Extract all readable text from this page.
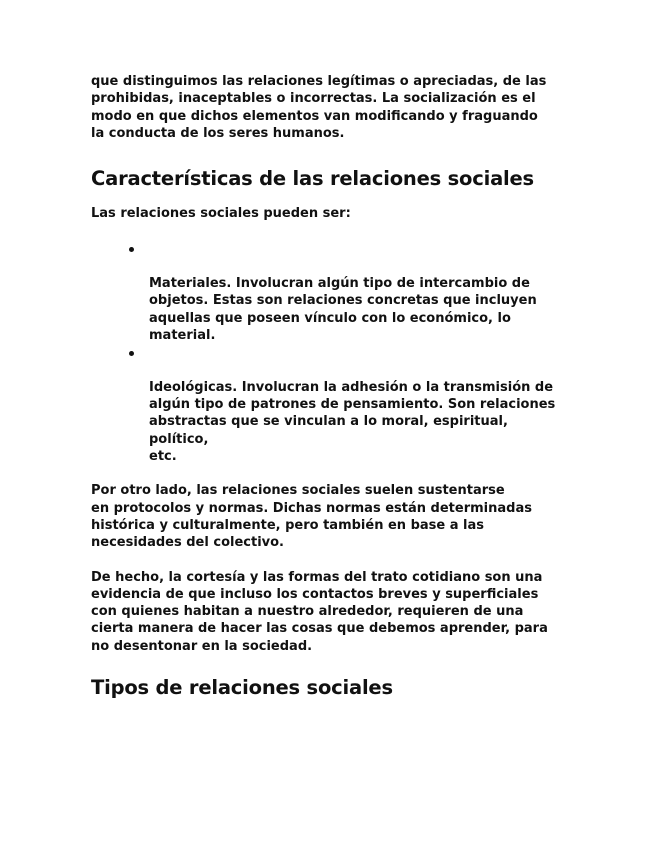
que distinguimos las relaciones legítimas o apreciadas, de las
prohibidas, inaceptables o incorrectas. La socialización es el
modo en que dichos elementos van modificando y fraguando
la conducta de los seres humanos.

Características de las relaciones sociales

Las relaciones sociales pueden ser:

Materiales. Involucran algún tipo de intercambio de
objetos. Estas son relaciones concretas que incluyen
aquellas que poseen vínculo con lo económico, lo
material.

Ideológicas. Involucran la adhesión o la transmisión de
algún tipo de patrones de pensamiento. Son relaciones
abstractas que se vinculan a lo moral, espiritual, político,
etc.

Por otro lado, las relaciones sociales suelen sustentarse
en protocolos y normas. Dichas normas están determinadas
histórica y culturalmente, pero también en base a las
necesidades del colectivo.

De hecho, la cortesía y las formas del trato cotidiano son una
evidencia de que incluso los contactos breves y superficiales
con quienes habitan a nuestro alrededor, requieren de una
cierta manera de hacer las cosas que debemos aprender, para
no desentonar en la sociedad.

Tipos de relaciones sociales
